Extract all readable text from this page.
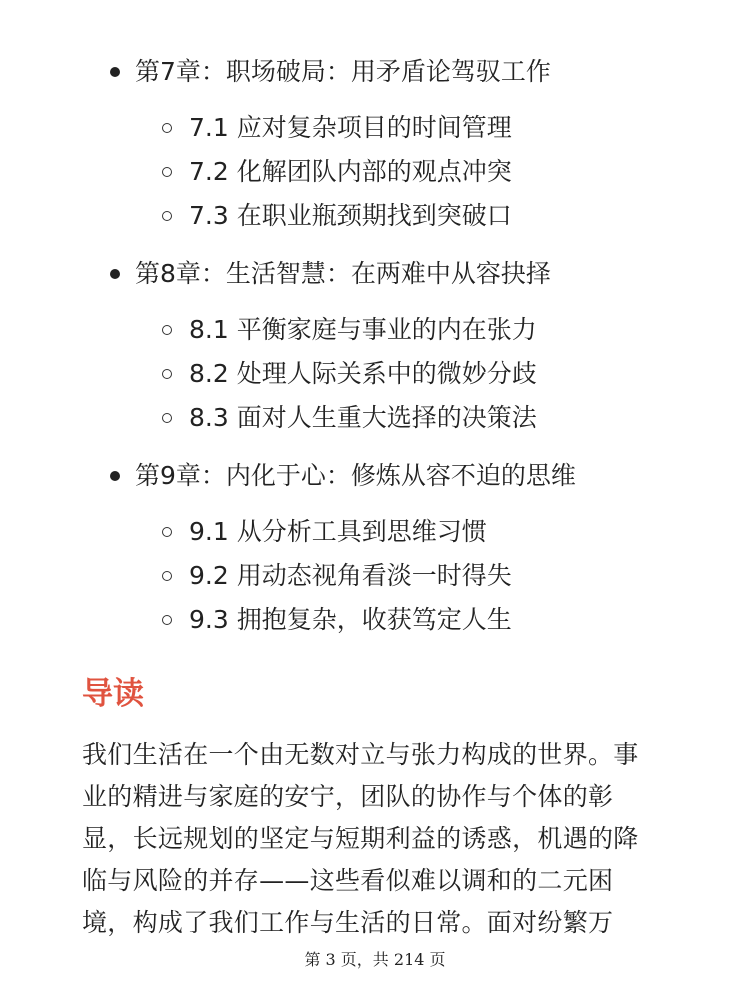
第7章：职场破局：用矛盾论驾驭工作
7.1 应对复杂项目的时间管理
7.2 化解团队内部的观点冲突
7.3 在职业瓶颈期找到突破口
第8章：生活智慧：在两难中从容抉择
8.1 平衡家庭与事业的内在张力
8.2 处理人际关系中的微妙分歧
8.3 面对人生重大选择的决策法
第9章：内化于心：修炼从容不迫的思维
9.1 从分析工具到思维习惯
9.2 用动态视角看淡一时得失
9.3 拥抱复杂，收获笃定人生
导读
我们生活在一个由无数对立与张力构成的世界。事
业的精进与家庭的安宁，团队的协作与个体的彰
显，长远规划的坚定与短期利益的诱惑，机遇的降
临与风险的并存——这些看似难以调和的二元困
境，构成了我们工作与生活的日常。面对纷繁万
第 3 页，共 214 页
